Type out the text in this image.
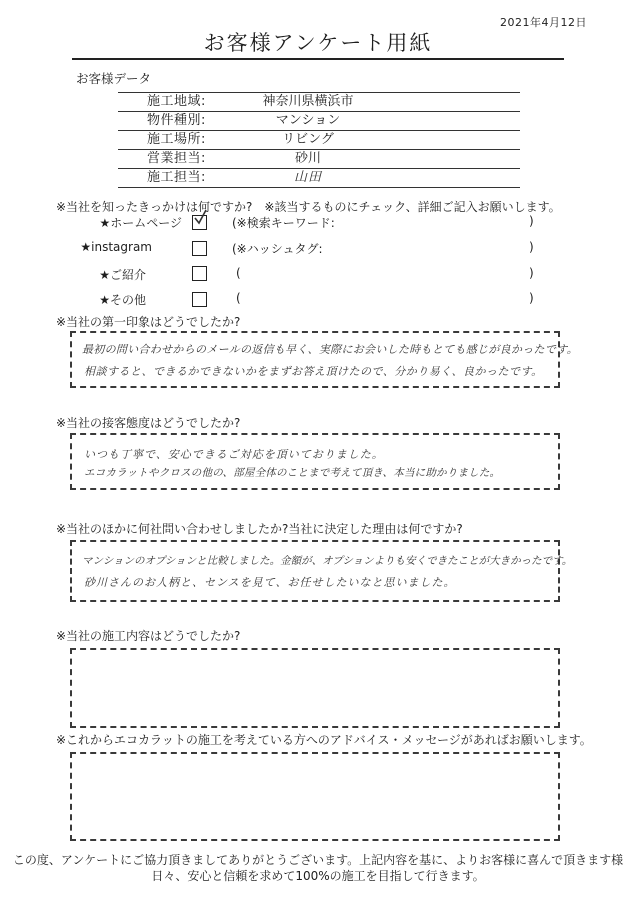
2021年4月12日
お客様アンケート用紙
お客様データ
施工地域:	神奈川県横浜市
物件種別:	マンション
施工場所:	リビング
営業担当:	砂川
施工担当:	山田
※当社を知ったきっかけは何ですか?　※該当するものにチェック、詳細ご記入お願いします。
★ホームページ	(※検索キーワード:	)
★instagram	(※ハッシュタグ:	)
★ご紹介	(	)
★その他	(	)
※当社の第一印象はどうでしたか?
最初の問い合わせからのメールの返信も早く、実際にお会いした時もとても感じが良かったです。
相談すると、できるかできないかをまずお答え頂けたので、分かり易く、良かったです。
※当社の接客態度はどうでしたか?
いつも丁寧で、安心できるご対応を頂いておりました。
エコカラットやクロスの他の、部屋全体のことまで考えて頂き、本当に助かりました。
※当社のほかに何社問い合わせしましたか?当社に決定した理由は何ですか?
マンションのオプションと比較しました。金額が、オプションよりも安くできたことが大きかったです。
砂川さんのお人柄と、センスを見て、お任せしたいなと思いました。
※当社の施工内容はどうでしたか?
※これからエコカラットの施工を考えている方へのアドバイス・メッセージがあればお願いします。
この度、アンケートにご協力頂きましてありがとうございます。上記内容を基に、よりお客様に喜んで頂きます様
日々、安心と信頼を求めて100%の施工を目指して行きます。
